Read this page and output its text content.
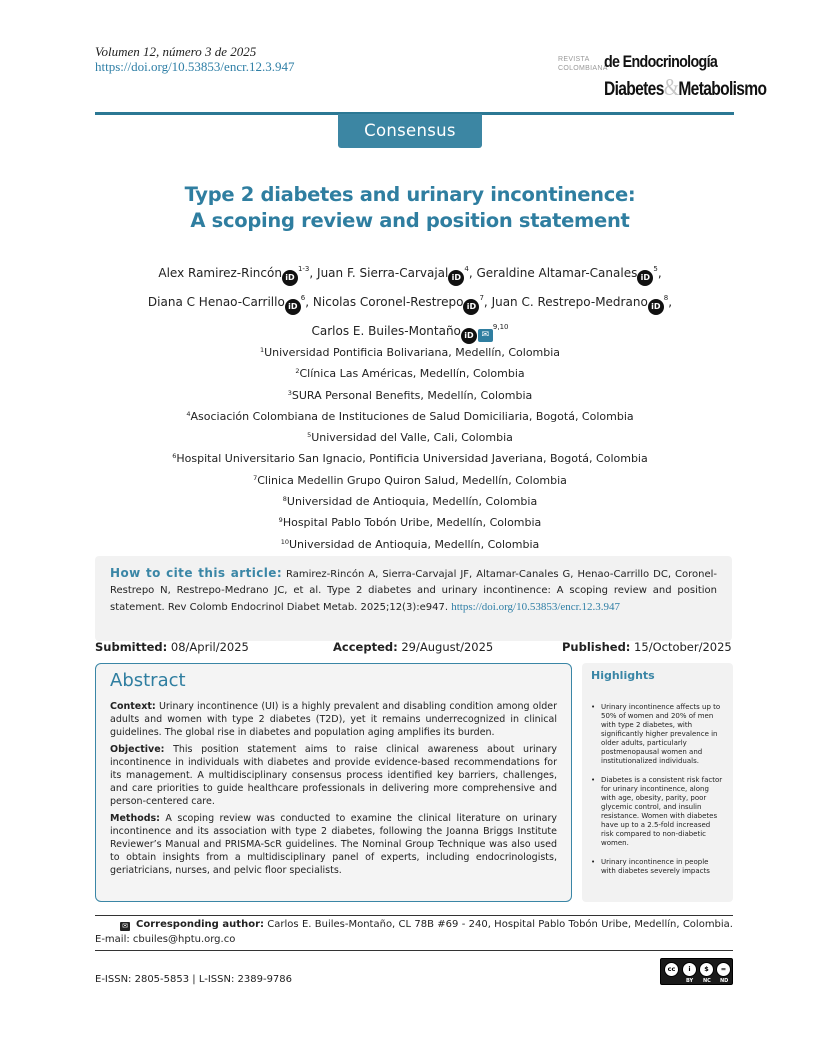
Volumen 12, número 3 de 2025
https://doi.org/10.53853/encr.12.3.947	REVISTA
COLOMBIANA
de Endocrinología
Diabetes&Metabolismo
Consensus
Type 2 diabetes and urinary incontinence:
A scoping review and position statement
Alex Ramirez-Rincón $iD^{1-3}$, Juan F. Sierra-Carvajal $iD^4$, Geraldine Altamar-Canales $iD^5$,
Diana C Henao-Carrillo $iD^6$, Nicolas Coronel-Restrepo $iD^7$, Juan C. Restrepo-Medrano $iD^8$,
Carlos E. Builes-Montaño iD ✉$^{9,10}$
$^1$Universidad Pontificia Bolivariana, Medellín, Colombia
$^2$Clínica Las Américas, Medellín, Colombia
$^3$SURA Personal Benefits, Medellín, Colombia
$^4$Asociación Colombiana de Instituciones de Salud Domiciliaria, Bogotá, Colombia
$^5$Universidad del Valle, Cali, Colombia
$^6$Hospital Universitario San Ignacio, Pontificia Universidad Javeriana, Bogotá, Colombia
$^7$Clinica Medellin Grupo Quiron Salud, Medellín, Colombia
$^8$Universidad de Antioquia, Medellín, Colombia
$^9$Hospital Pablo Tobón Uribe, Medellín, Colombia
$^{10}$Universidad de Antioquia, Medellín, Colombia
How to cite this article: Ramirez-Rincón A, Sierra-Carvajal JF, Altamar-Canales G, Henao-Carrillo DC, Coronel-Restrepo N, Restrepo-Medrano JC, et al. Type 2 diabetes and urinary incontinence: A scoping review and position statement. Rev Colomb Endocrinol Diabet Metab. 2025;12(3):e947. https://doi.org/10.53853/encr.12.3.947
Submitted: 08/April/2025	Accepted: 29/August/2025	Published: 15/October/2025
Abstract

Context: Urinary incontinence (UI) is a highly prevalent and disabling condition among older adults and women with type 2 diabetes (T2D), yet it remains underrecognized in clinical guidelines. The global rise in diabetes and population aging amplifies its burden.

Objective: This position statement aims to raise clinical awareness about urinary incontinence in individuals with diabetes and provide evidence-based recommendations for its management. A multidisciplinary consensus process identified key barriers, challenges, and care priorities to guide healthcare professionals in delivering more comprehensive and person-centered care.

Methods: A scoping review was conducted to examine the clinical literature on urinary incontinence and its association with type 2 diabetes, following the Joanna Briggs Institute Reviewer’s Manual and PRISMA-ScR guidelines. The Nominal Group Technique was also used to obtain insights from a multidisciplinary panel of experts, including endocrinologists, geriatricians, nurses, and pelvic floor specialists.

Highlights
• Urinary incontinence affects up to 50% of women and 20% of men with type 2 diabetes, with significantly higher prevalence in older adults, particularly postmenopausal women and institutionalized individuals.
• Diabetes is a consistent risk factor for urinary incontinence, along with age, obesity, parity, poor glycemic control, and insulin resistance. Women with diabetes have up to a 2.5-fold increased risk compared to non-diabetic women.
• Urinary incontinence in people with diabetes severely impacts
✉ Corresponding author: Carlos E. Builes-Montaño, CL 78B #69 - 240, Hospital Pablo Tobón Uribe, Medellín, Colombia. E-mail: cbuiles@hptu.org.co
E-ISSN: 2805-5853 | L-ISSN: 2389-9786
cc	i	$	=
BY NC ND
